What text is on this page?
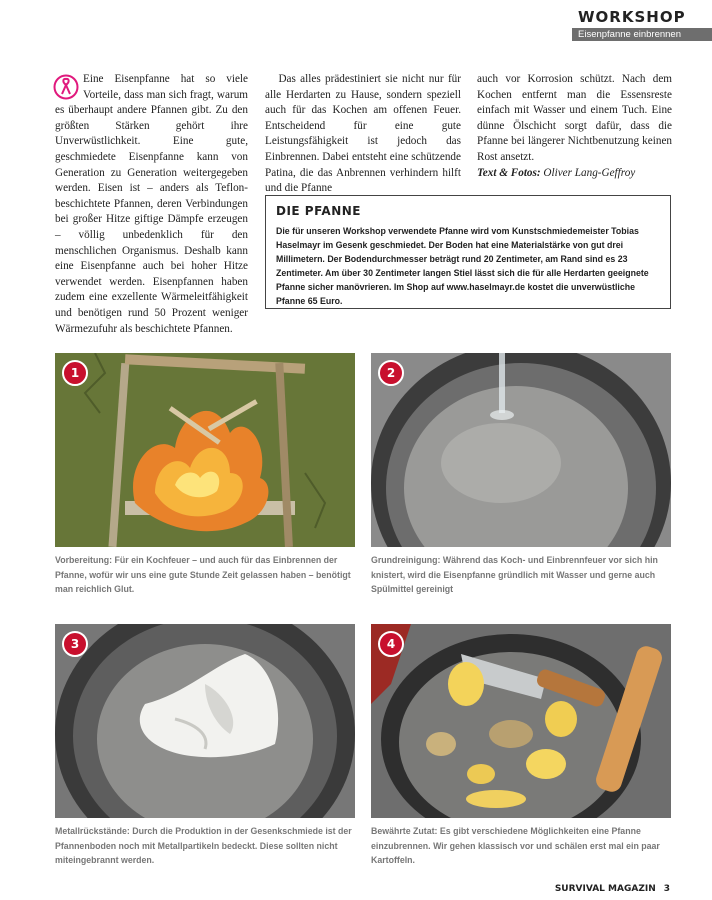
WORKSHOP
Eisenpfanne einbrennen

Eine Eisenpfanne hat so viele Vorteile, dass man sich fragt, warum es überhaupt andere Pfannen gibt. Zu den größten Stärken gehört ihre Unverwüstlichkeit. Eine gute, geschmiedete Eisenpfanne kann von Generation zu Generation weitergegeben werden. Eisen ist – anders als Teflon-beschichtete Pfannen, deren Verbindungen bei großer Hitze giftige Dämpfe erzeugen – völlig unbedenklich für den menschlichen Organismus. Deshalb kann eine Eisenpfanne auch bei hoher Hitze verwendet werden. Eisenpfannen haben zudem eine exzellente Wärmeleitfähigkeit und benötigen rund 50 Prozent weniger Wärmezufuhr als beschichtete Pfannen.

Das alles prädestiniert sie nicht nur für alle Herdarten zu Hause, sondern speziell auch für das Kochen am offenen Feuer. Entscheidend für eine gute Leistungsfähigkeit ist jedoch das Einbrennen. Dabei entsteht eine schützende Patina, die das Anbrennen verhindern hilft und die Pfanne

auch vor Korrosion schützt. Nach dem Kochen entfernt man die Essensreste einfach mit Wasser und einem Tuch. Eine dünne Ölschicht sorgt dafür, dass die Pfanne bei längerer Nichtbenutzung keinen Rost ansetzt.

Text & Fotos: Oliver Lang-Geffroy

DIE PFANNE
Die für unseren Workshop verwendete Pfanne wird vom Kunstschmiedemeister Tobias Haselmayr im Gesenk geschmiedet. Der Boden hat eine Materialstärke von gut drei Millimetern. Der Bodendurchmesser beträgt rund 20 Zentimeter, am Rand sind es 23 Zentimeter. Am über 30 Zentimeter langen Stiel lässt sich die für alle Herdarten geeignete Pfanne sicher manövrieren. Im Shop auf www.haselmayr.de kostet die unverwüstliche Pfanne 65 Euro.
1
Vorbereitung: Für ein Kochfeuer – und auch für das Einbrennen der Pfanne, wofür wir uns eine gute Stunde Zeit gelassen haben – benötigt man reichlich Glut.
2
Grundreinigung: Während das Koch- und Einbrennfeuer vor sich hin knistert, wird die Eisenpfanne gründlich mit Wasser und gerne auch Spülmittel gereinigt
3
Metallrückstände: Durch die Produktion in der Gesenkschmiede ist der Pfannenboden noch mit Metallpartikeln bedeckt. Diese sollten nicht miteingebrannt werden.
4
Bewährte Zutat: Es gibt verschiedene Möglichkeiten eine Pfanne einzubrennen. Wir gehen klassisch vor und schälen erst mal ein paar Kartoffeln.
SURVIVAL MAGAZIN 3
